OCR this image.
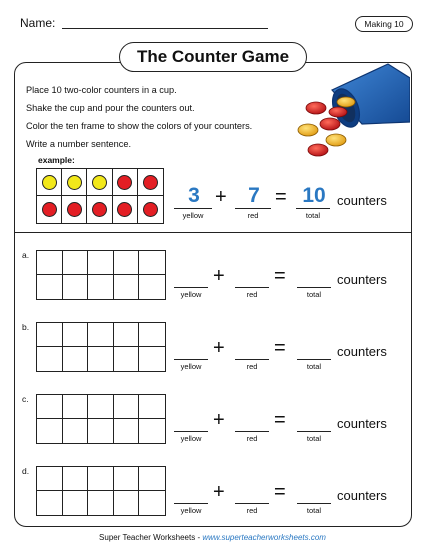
Name:	Making 10
The Counter Game
Place 10 two-color counters in a cup.
Shake the cup and pour the counters out.
Color the ten frame to show the colors of your counters.
Write a number sentence.
example:
3
yellow
+	7
red
= 10
total
counters
a.
yellow
+
red
=
total
counters
b.
yellow
+
red
=
total
counters
c.
yellow
+
red
=
total
counters
d.
yellow
+
red
=
total
counters
Super Teacher Worksheets - www.superteacherworksheets.com
